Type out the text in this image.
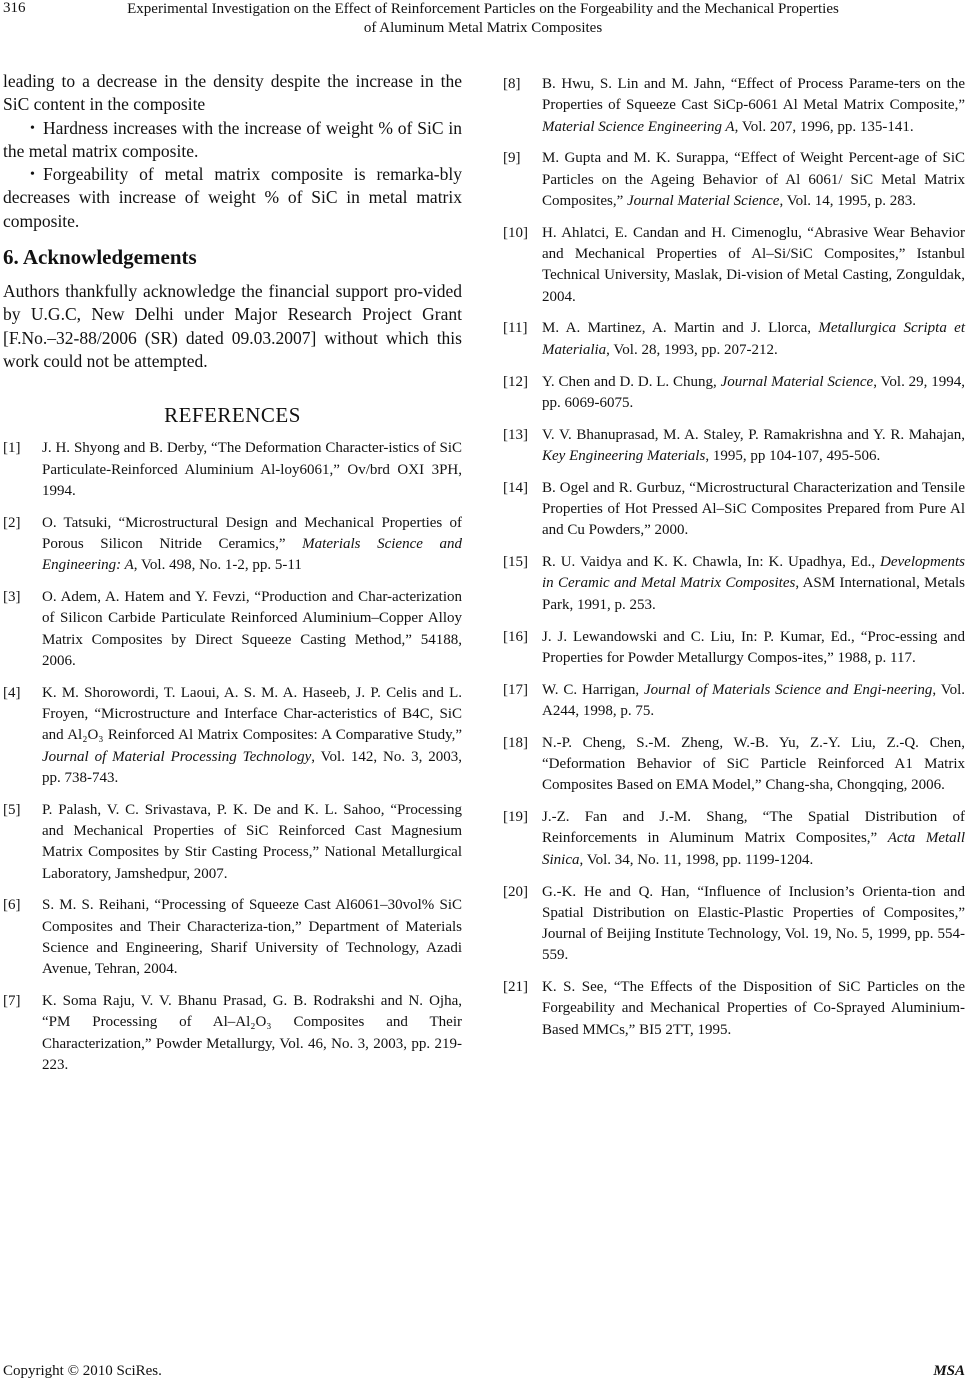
316	Experimental Investigation on the Effect of Reinforcement Particles on the Forgeability and the Mechanical Properties
of Aluminum Metal Matrix Composites

leading to a decrease in the density despite the increase in the SiC content in the composite

• Hardness increases with the increase of weight % of SiC in the metal matrix composite.

• Forgeability of metal matrix composite is remarka-bly decreases with increase of weight % of SiC in metal matrix composite.

6. Acknowledgements

Authors thankfully acknowledge the financial support pro-vided by U.G.C, New Delhi under Major Research Project Grant [F.No.–32-88/2006 (SR) dated 09.03.2007] without which this work could not be attempted.

REFERENCES
[1]	J. H. Shyong and B. Derby, “The Deformation Character-istics of SiC Particulate-Reinforced Aluminium Al-loy6061,” Ov/brd OXI 3PH, 1994.
[2]	O. Tatsuki, “Microstructural Design and Mechanical Properties of Porous Silicon Nitride Ceramics,” Materials Science and Engineering: A, Vol. 498, No. 1-2, pp. 5-11
[3]	O. Adem, A. Hatem and Y. Fevzi, “Production and Char-acterization of Silicon Carbide Particulate Reinforced Aluminium–Copper Alloy Matrix Composites by Direct Squeeze Casting Method,” 54188, 2006.
[4]	K. M. Shorowordi, T. Laoui, A. S. M. A. Haseeb, J. P. Celis and L. Froyen, “Microstructure and Interface Char-acteristics of B4C, SiC and Al₂O₃ Reinforced Al Matrix Composites: A Comparative Study,” Journal of Material Processing Technology, Vol. 142, No. 3, 2003, pp. 738-743.
[5]	P. Palash, V. C. Srivastava, P. K. De and K. L. Sahoo, “Processing and Mechanical Properties of SiC Reinforced Cast Magnesium Matrix Composites by Stir Casting Process,” National Metallurgical Laboratory, Jamshedpur, 2007.
[6]	S. M. S. Reihani, “Processing of Squeeze Cast Al6061–30vol% SiC Composites and Their Characteriza-tion,” Department of Materials Science and Engineering, Sharif University of Technology, Azadi Avenue, Tehran, 2004.
[7]	K. Soma Raju, V. V. Bhanu Prasad, G. B. Rodrakshi and N. Ojha, “PM Processing of Al–Al₂O₃ Composites and Their Characterization,” Powder Metallurgy, Vol. 46, No. 3, 2003, pp. 219-223.
[8]	B. Hwu, S. Lin and M. Jahn, “Effect of Process Parame-ters on the Properties of Squeeze Cast SiCp-6061 Al Metal Matrix Composite,” Material Science Engineering A, Vol. 207, 1996, pp. 135-141.
[9]	M. Gupta and M. K. Surappa, “Effect of Weight Percent-age of SiC Particles on the Ageing Behavior of Al 6061/ SiC Metal Matrix Composites,” Journal Material Science, Vol. 14, 1995, p. 283.
[10] H. Ahlatci, E. Candan and H. Cimenoglu, “Abrasive Wear Behavior and Mechanical Properties of Al–Si/SiC Composites,” Istanbul Technical University, Maslak, Di-vision of Metal Casting, Zonguldak, 2004.
[11] M. A. Martinez, A. Martin and J. Llorca, Metallurgica Scripta et Materialia, Vol. 28, 1993, pp. 207-212.
[12] Y. Chen and D. D. L. Chung, Journal Material Science, Vol. 29, 1994, pp. 6069-6075.
[13] V. V. Bhanuprasad, M. A. Staley, P. Ramakrishna and Y. R. Mahajan, Key Engineering Materials, 1995, pp 104-107, 495-506.
[14] B. Ogel and R. Gurbuz, “Microstructural Characterization and Tensile Properties of Hot Pressed Al–SiC Composites Prepared from Pure Al and Cu Powders,” 2000.
[15] R. U. Vaidya and K. K. Chawla, In: K. Upadhya, Ed., Developments in Ceramic and Metal Matrix Composites, ASM International, Metals Park, 1991, p. 253.
[16] J. J. Lewandowski and C. Liu, In: P. Kumar, Ed., “Proc-essing and Properties for Powder Metallurgy Compos-ites,” 1988, p. 117.
[17] W. C. Harrigan, Journal of Materials Science and Engi-neering, Vol. A244, 1998, p. 75.
[18] N.-P. Cheng, S.-M. Zheng, W.-B. Yu, Z.-Y. Liu, Z.-Q. Chen, “Deformation Behavior of SiC Particle Reinforced A1 Matrix Composites Based on EMA Model,” Chang-sha, Chongqing, 2006.
[19] J.-Z. Fan and J.-M. Shang, “The Spatial Distribution of Reinforcements in Aluminum Matrix Composites,” Acta Metall Sinica, Vol. 34, No. 11, 1998, pp. 1199-1204.
[20] G.-K. He and Q. Han, “Influence of Inclusion’s Orienta-tion and Spatial Distribution on Elastic-Plastic Properties of Composites,” Journal of Beijing Institute Technology, Vol. 19, No. 5, 1999, pp. 554-559.
[21] K. S. See, “The Effects of the Disposition of SiC Particles on the Forgeability and Mechanical Properties of Co-Sprayed Aluminium-Based MMCs,” BI5 2TT, 1995.
Copyright © 2010 SciRes.	MSA
